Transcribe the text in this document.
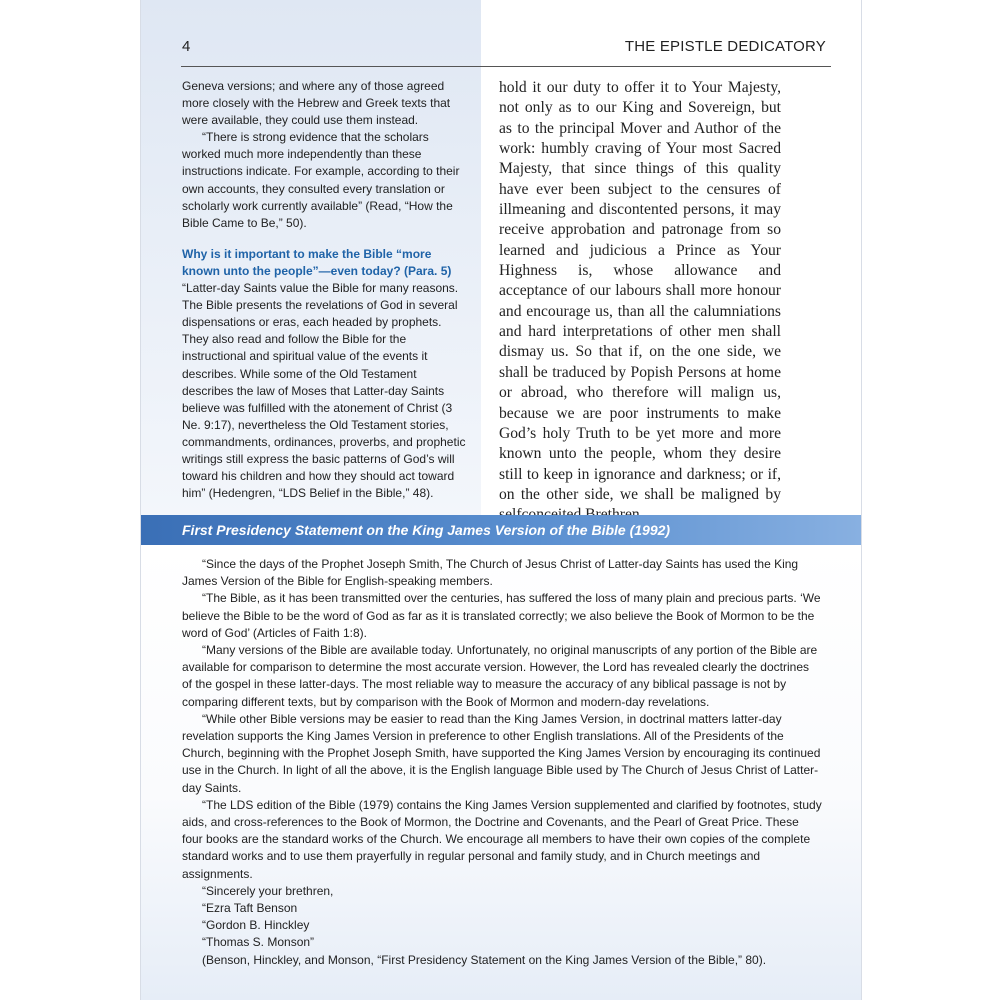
4	THE EPISTLE DEDICATORY

Geneva versions; and where any of those agreed more closely with the Hebrew and Greek texts that were available, they could use them instead.

“There is strong evidence that the scholars worked much more independently than these instructions indicate. For example, according to their own accounts, they consulted every translation or scholarly work currently available” (Read, “How the Bible Came to Be,” 50).

Why is it important to make the Bible “more known unto the people”—even today? (Para. 5) “Latter-day Saints value the Bible for many reasons. The Bible presents the revelations of God in several dispensations or eras, each headed by prophets. They also read and follow the Bible for the instructional and spiritual value of the events it describes. While some of the Old Testament describes the law of Moses that Latter-day Saints believe was fulfilled with the atonement of Christ (3 Ne. 9:17), nevertheless the Old Testament stories, commandments, ordinances, proverbs, and prophetic writings still express the basic patterns of God’s will toward his children and how they should act toward him” (Hedengren, “LDS Belief in the Bible,” 48).

hold it our duty to offer it to Your Majesty, not only as to our King and Sovereign, but as to the principal Mover and Author of the work: humbly craving of Your most Sacred Majesty, that since things of this quality have ever been subject to the censures of illmeaning and discontented persons, it may receive approbation and patronage from so learned and judicious a Prince as Your Highness is, whose allowance and acceptance of our labours shall more honour and encourage us, than all the calumniations and hard interpretations of other men shall dismay us. So that if, on the one side, we shall be traduced by Popish Persons at home or abroad, who therefore will malign us, because we are poor instruments to make God’s holy Truth to be yet more and more known unto the people, whom they desire still to keep in ignorance and darkness; or if, on the other side, we shall be maligned by

First Presidency Statement on the King James Version of the Bible (1992)

“Since the days of the Prophet Joseph Smith, The Church of Jesus Christ of Latter-day Saints has used the King James Version of the Bible for English-speaking members.

“The Bible, as it has been transmitted over the centuries, has suffered the loss of many plain and precious parts. ‘We believe the Bible to be the word of God as far as it is translated correctly; we also believe the Book of Mormon to be the word of God’ (Articles of Faith 1:8).

“Many versions of the Bible are available today. Unfortunately, no original manuscripts of any portion of the Bible are available for comparison to determine the most accurate version. However, the Lord has revealed clearly the doctrines of the gospel in these latter-days. The most reliable way to measure the accuracy of any biblical passage is not by comparing different texts, but by comparison with the Book of Mormon and modern-day revelations.

“While other Bible versions may be easier to read than the King James Version, in doctrinal matters latter-day revelation supports the King James Version in preference to other English translations. All of the Presidents of the Church, beginning with the Prophet Joseph Smith, have supported the King James Version by encouraging its continued use in the Church. In light of all the above, it is the English language Bible used by The Church of Jesus Christ of Latter-day Saints.

“The LDS edition of the Bible (1979) contains the King James Version supplemented and clarified by footnotes, study aids, and cross-references to the Book of Mormon, the Doctrine and Covenants, and the Pearl of Great Price. These four books are the standard works of the Church. We encourage all members to have their own copies of the complete standard works and to use them prayerfully in regular personal and family study, and in Church meetings and assignments.

“Sincerely your brethren,

“Ezra Taft Benson

“Gordon B. Hinckley

“Thomas S. Monson”

(Benson, Hinckley, and Monson, “First Presidency Statement on the King James Version of the Bible,” 80).
